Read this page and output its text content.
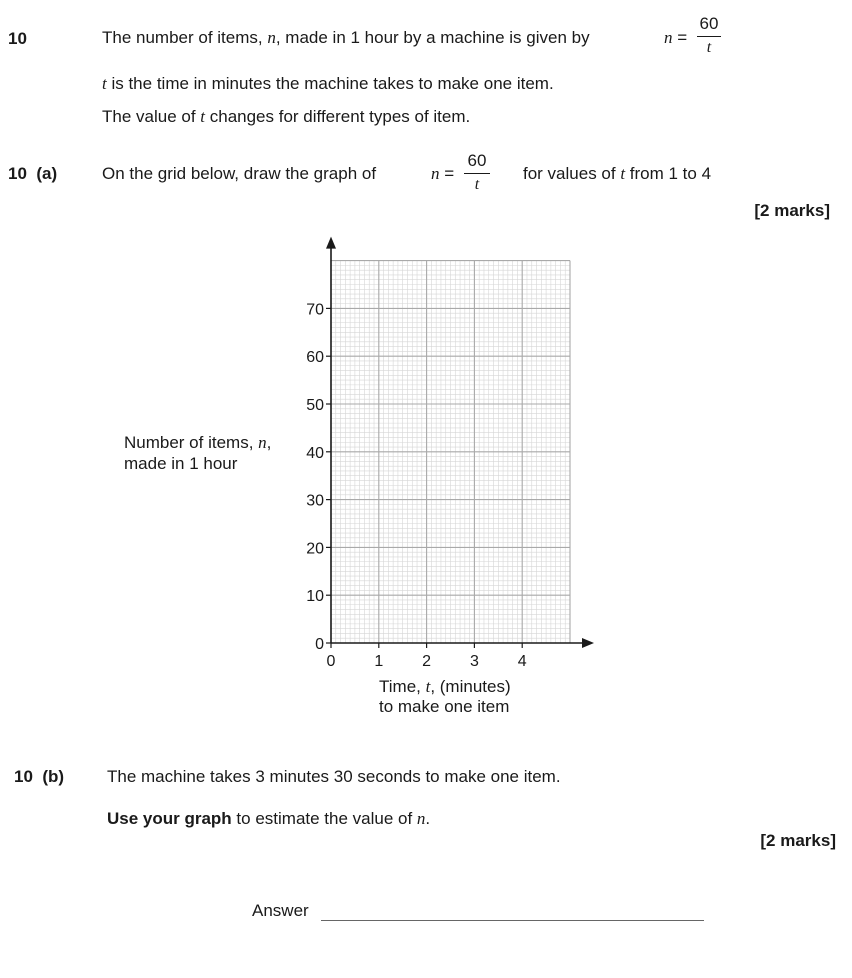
10	The number of items, n, made in 1 hour by a machine is given by	n =
60
t
t is the time in minutes the machine takes to make one item.
The value of t changes for different types of item.
10  (a)	On the grid below, draw the graph of	n =
60
t
for values of t from 1 to 4
[2 marks]
0
10
20
30
40
50
60
70
0 1 2 3 4
Number of items, n,
made in 1 hour
Time, t, (minutes)
to make one item
10  (b)	The machine takes 3 minutes 30 seconds to make one item.
Use your graph to estimate the value of n.
[2 marks]
Answer
